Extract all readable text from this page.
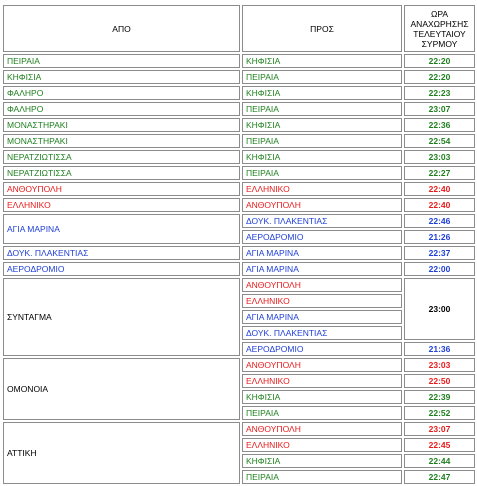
ΑΠΟ	ΠΡΟΣ	ΩΡΑ ΑΝΑΧΩΡΗΣΗΣ ΤΕΛΕΥΤΑΙΟΥ ΣΥΡΜΟΥ
ΠΕΙΡΑΙΑ	ΚΗΦΙΣΙΑ	22:20
ΚΗΦΙΣΙΑ	ΠΕΙΡΑΙΑ	22:20
ΦΑΛΗΡΟ	ΚΗΦΙΣΙΑ	22:23
ΦΑΛΗΡΟ	ΠΕΙΡΑΙΑ	23:07
ΜΟΝΑΣΤΗΡΑΚΙ	ΚΗΦΙΣΙΑ	22:36
ΜΟΝΑΣΤΗΡΑΚΙ	ΠΕΙΡΑΙΑ	22:54
ΝΕΡΑΤΖΙΩΤΙΣΣΑ	ΚΗΦΙΣΙΑ	23:03
ΝΕΡΑΤΖΙΩΤΙΣΣΑ	ΠΕΙΡΑΙΑ	22:27
ΑΝΘΟΥΠΟΛΗ	ΕΛΛΗΝΙΚΟ	22:40
ΕΛΛΗΝΙΚΟ	ΑΝΘΟΥΠΟΛΗ	22:40
ΑΓΙΑ ΜΑΡΙΝΑ	ΔΟΥΚ. ΠΛΑΚΕΝΤΙΑΣ	22:46
	ΑΕΡΟΔΡΟΜΙΟ	21:26
ΔΟΥΚ. ΠΛΑΚΕΝΤΙΑΣ	ΑΓΙΑ ΜΑΡΙΝΑ	22:37
ΑΕΡΟΔΡΟΜΙΟ	ΑΓΙΑ ΜΑΡΙΝΑ	22:00
ΣΥΝΤΑΓΜΑ	ΑΝΘΟΥΠΟΛΗ	23:00
	ΕΛΛΗΝΙΚΟ	
	ΑΓΙΑ ΜΑΡΙΝΑ	
	ΔΟΥΚ. ΠΛΑΚΕΝΤΙΑΣ	
	ΑΕΡΟΔΡΟΜΙΟ	21:36
ΟΜΟΝΟΙΑ	ΑΝΘΟΥΠΟΛΗ	23:03
	ΕΛΛΗΝΙΚΟ	22:50
	ΚΗΦΙΣΙΑ	22:39
	ΠΕΙΡΑΙΑ	22:52
ΑΤΤΙΚΗ	ΑΝΘΟΥΠΟΛΗ	23:07
	ΕΛΛΗΝΙΚΟ	22:45
	ΚΗΦΙΣΙΑ	22:44
	ΠΕΙΡΑΙΑ	22:47
